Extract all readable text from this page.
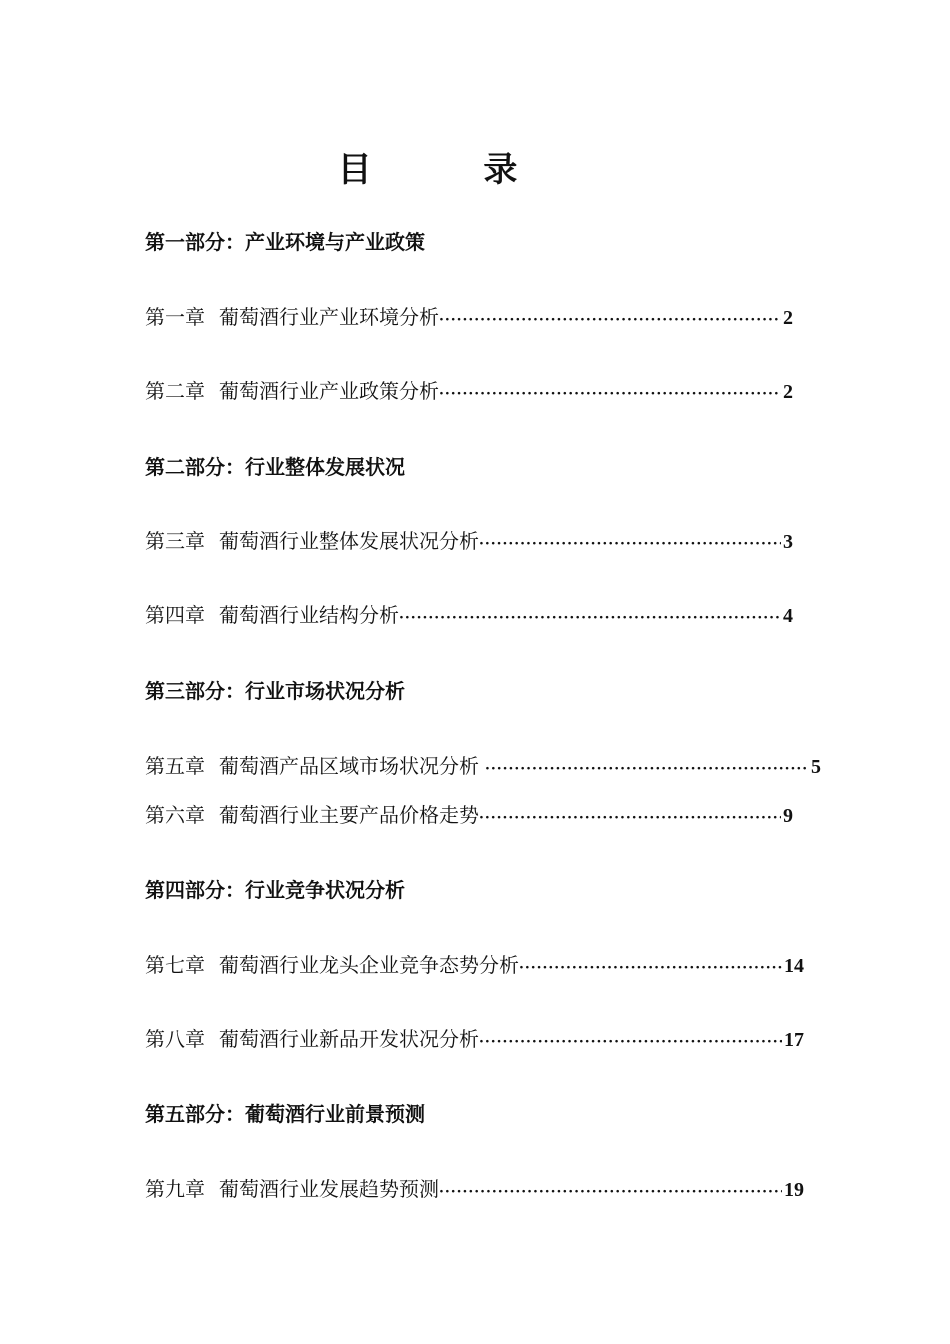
目 录
第一部分：产业环境与产业政策
第一章 葡萄酒行业产业环境分析 ·····	2
第二章 葡萄酒行业产业政策分析 ·····	2
第二部分：行业整体发展状况
第三章 葡萄酒行业整体发展状况分析 ·····	3
第四章 葡萄酒行业结构分析 ·····	4
第三部分：行业市场状况分析
第五章 葡萄酒产品区域市场状况分析 ·····	5
第六章 葡萄酒行业主要产品价格走势 ·····	9
第四部分：行业竞争状况分析
第七章 葡萄酒行业龙头企业竞争态势分析 ·····	14
第八章 葡萄酒行业新品开发状况分析 ·····	17
第五部分：葡萄酒行业前景预测
第九章 葡萄酒行业发展趋势预测 ·····	19
